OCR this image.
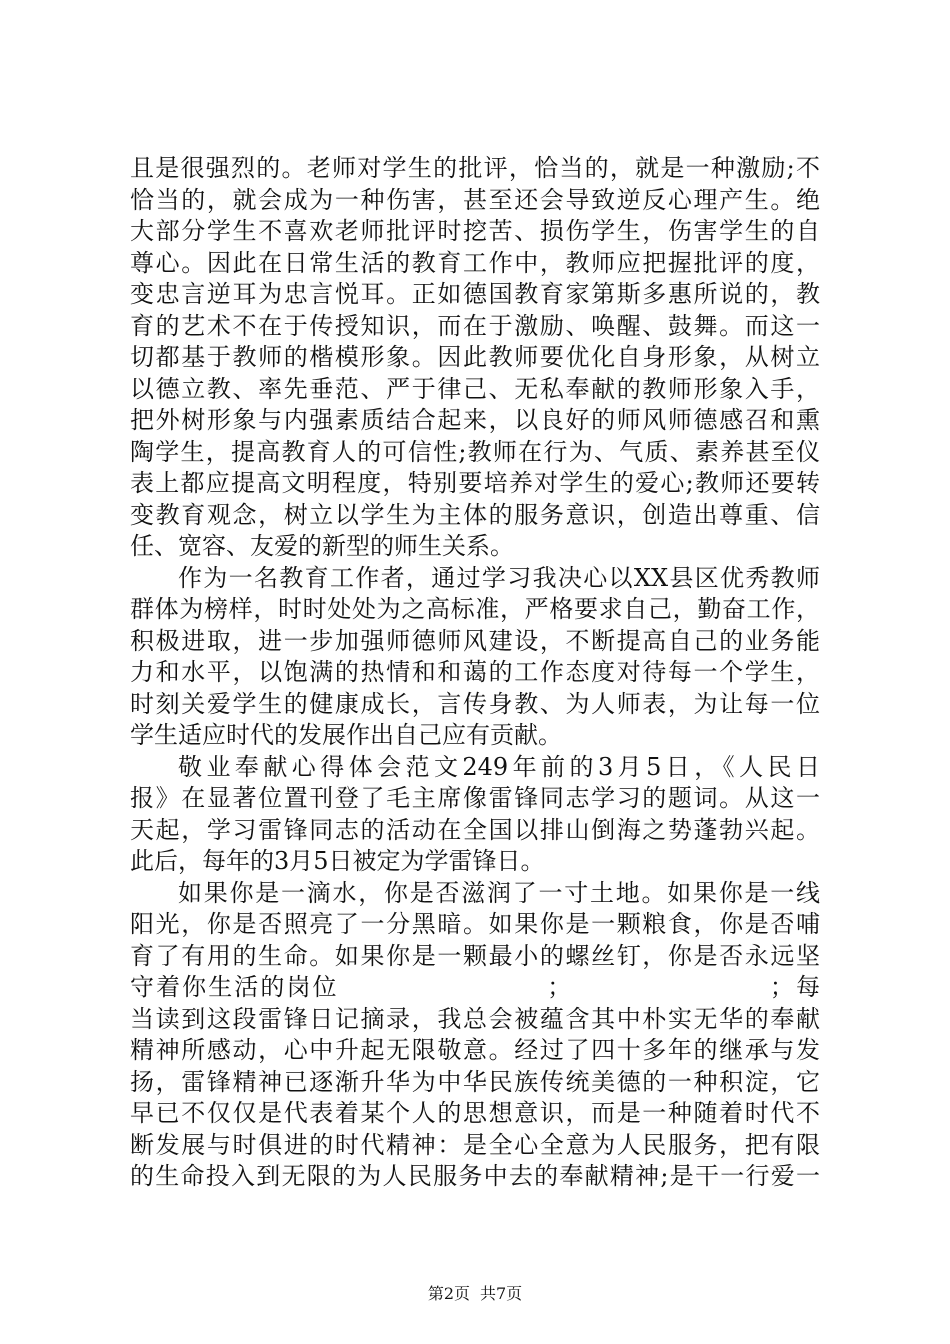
且是很强烈的。老师对学生的批评，恰当的，就是一种激励;不
恰当的，就会成为一种伤害，甚至还会导致逆反心理产生。绝
大部分学生不喜欢老师批评时挖苦、损伤学生，伤害学生的自
尊心。因此在日常生活的教育工作中，教师应把握批评的度，
变忠言逆耳为忠言悦耳。正如德国教育家第斯多惠所说的，教
育的艺术不在于传授知识，而在于激励、唤醒、鼓舞。而这一
切都基于教师的楷模形象。因此教师要优化自身形象，从树立
以德立教、率先垂范、严于律己、无私奉献的教师形象入手，
把外树形象与内强素质结合起来，以良好的师风师德感召和熏
陶学生，提高教育人的可信性;教师在行为、气质、素养甚至仪
表上都应提高文明程度，特别要培养对学生的爱心;教师还要转
变教育观念，树立以学生为主体的服务意识，创造出尊重、信
任、宽容、友爱的新型的师生关系。
作为一名教育工作者，通过学习我决心以XX县区优秀教师
群体为榜样，时时处处为之高标准，严格要求自己，勤奋工作，
积极进取，进一步加强师德师风建设，不断提高自己的业务能
力和水平，以饱满的热情和和蔼的工作态度对待每一个学生，
时刻关爱学生的健康成长，言传身教、为人师表，为让每一位
学生适应时代的发展作出自己应有贡献。
敬业奉献心得体会范文249年前的3月5日，《人民日
报》在显著位置刊登了毛主席像雷锋同志学习的题词。从这一
天起，学习雷锋同志的活动在全国以排山倒海之势蓬勃兴起。
此后，每年的3月5日被定为学雷锋日。
如果你是一滴水，你是否滋润了一寸土地。如果你是一线
阳光，你是否照亮了一分黑暗。如果你是一颗粮食，你是否哺
育了有用的生命。如果你是一颗最小的螺丝钉，你是否永远坚
守着你生活的岗位　　　　　　　　；　　　　　　　　；每
当读到这段雷锋日记摘录，我总会被蕴含其中朴实无华的奉献
精神所感动，心中升起无限敬意。经过了四十多年的继承与发
扬，雷锋精神已逐渐升华为中华民族传统美德的一种积淀，它
早已不仅仅是代表着某个人的思想意识，而是一种随着时代不
断发展与时俱进的时代精神：是全心全意为人民服务，把有限
的生命投入到无限的为人民服务中去的奉献精神;是干一行爱一
第2页 共7页
